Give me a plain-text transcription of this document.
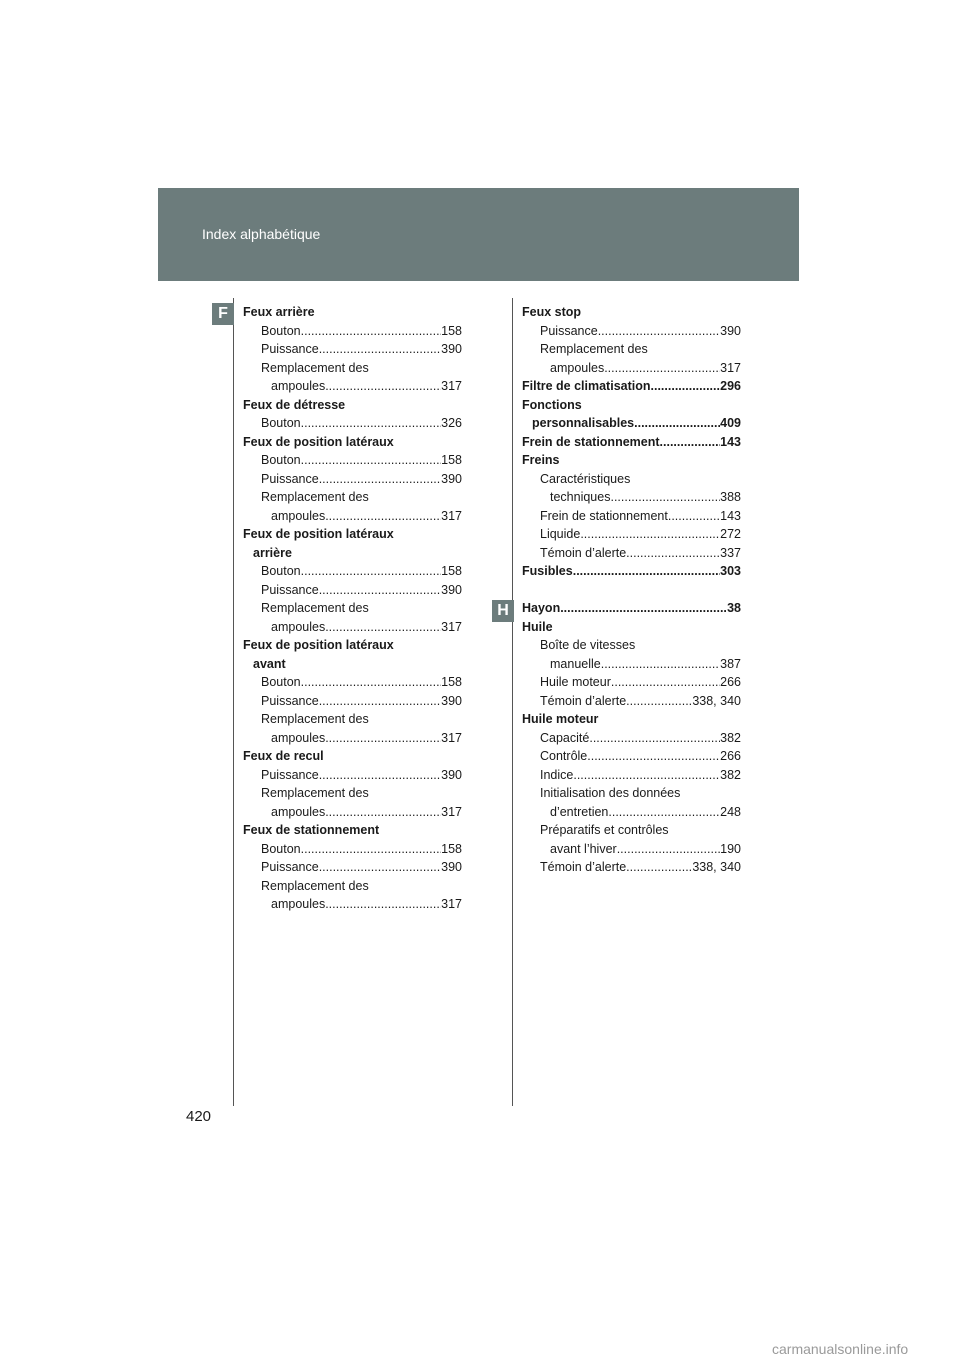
Index alphabétique
F
H
Feux arrière
Bouton .....	158
Puissance .....	390
Remplacement des
ampoules .....	317
Feux de détresse
Bouton .....	326
Feux de position latéraux
Bouton .....	158
Puissance .....	390
Remplacement des
ampoules .....	317
Feux de position latéraux
arrière
Bouton .....	158
Puissance .....	390
Remplacement des
ampoules .....	317
Feux de position latéraux
avant
Bouton .....	158
Puissance .....	390
Remplacement des
ampoules .....	317
Feux de recul
Puissance .....	390
Remplacement des
ampoules .....	317
Feux de stationnement
Bouton .....	158
Puissance .....	390
Remplacement des
ampoules .....	317
Feux stop
Puissance .....	390
Remplacement des
ampoules .....	317
Filtre de climatisation .....	296
Fonctions
personnalisables .....	409
Frein de stationnement .....	143
Freins
Caractéristiques
techniques .....	388
Frein de stationnement .....	143
Liquide .....	272
Témoin d’alerte .....	337
Fusibles .....	303
Hayon .....	38
Huile
Boîte de vitesses
manuelle .....	387
Huile moteur .....	266
Témoin d’alerte .....	338, 340
Huile moteur
Capacité .....	382
Contrôle .....	266
Indice .....	382
Initialisation des données
d’entretien .....	248
Préparatifs et contrôles
avant l’hiver .....	190
Témoin d’alerte .....	338, 340
420
carmanualsonline.info
